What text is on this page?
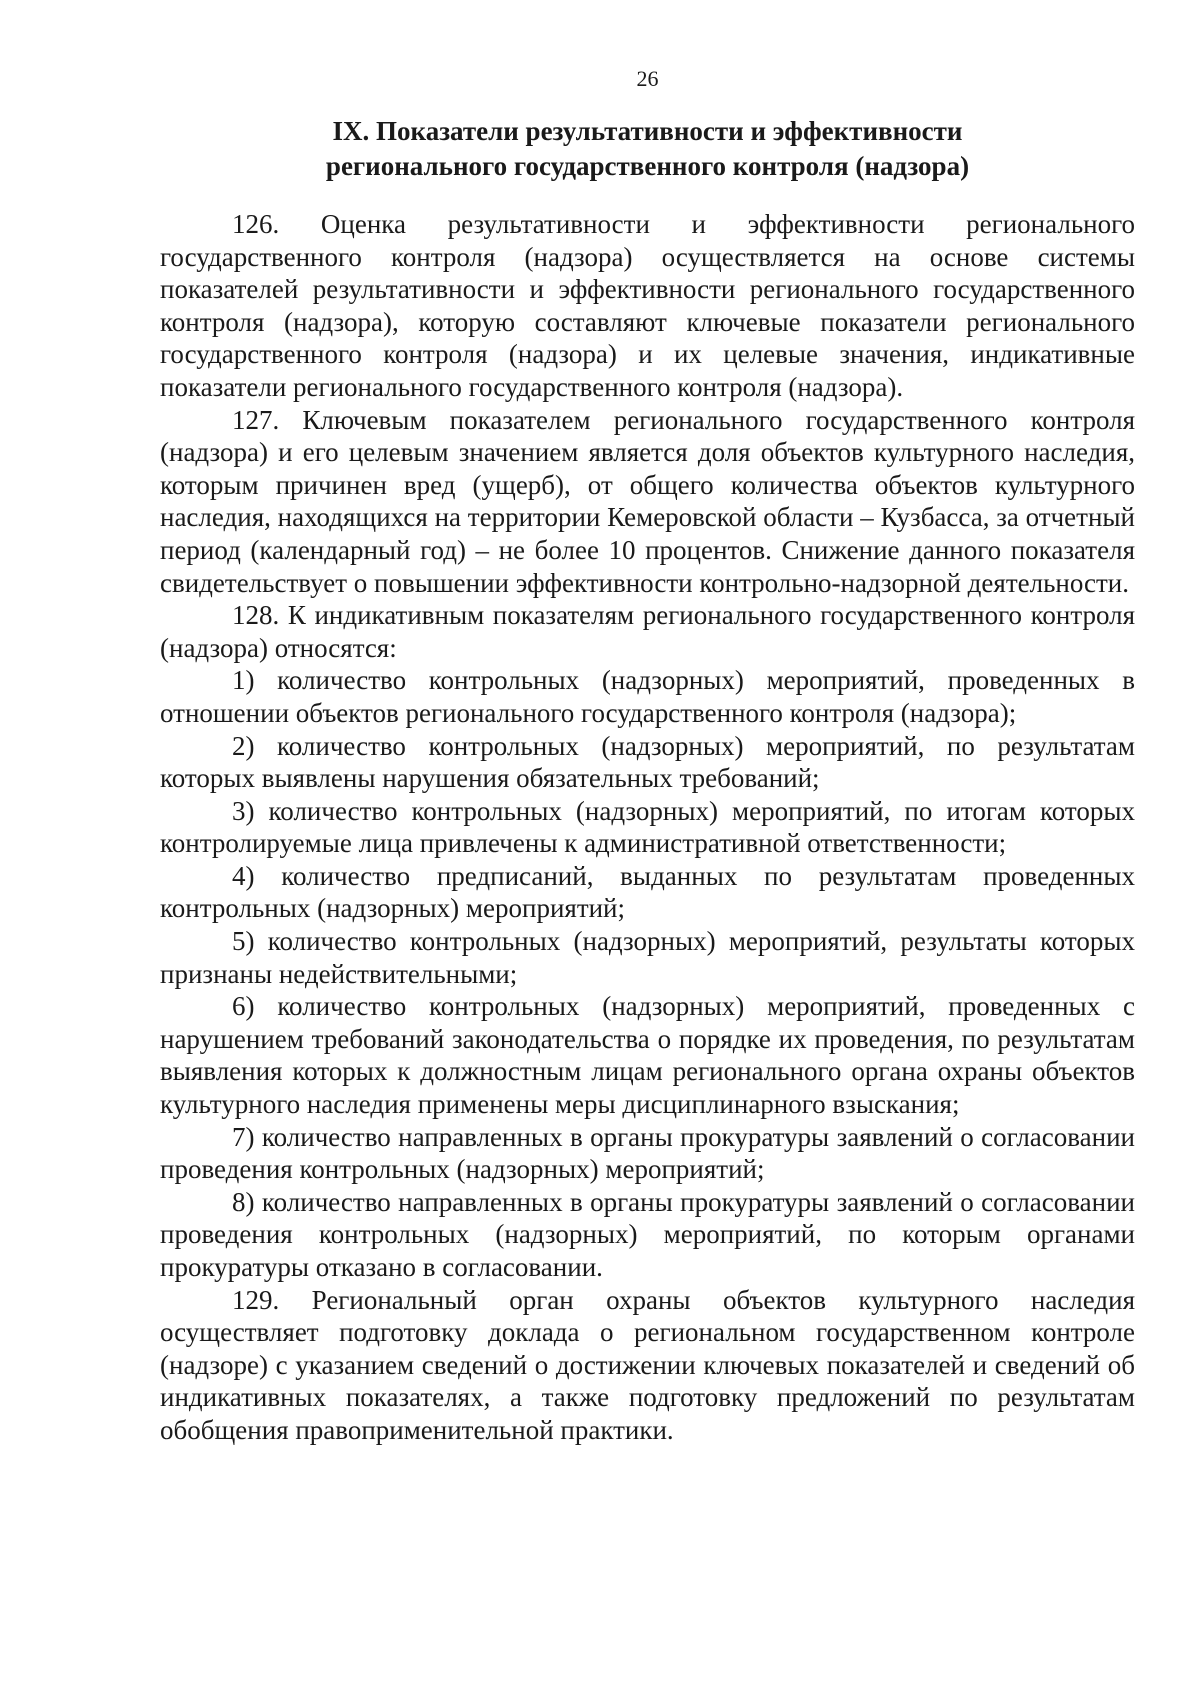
26
IX. Показатели результативности и эффективности
регионального государственного контроля (надзора)

126. Оценка результативности и эффективности регионального государственного контроля (надзора) осуществляется на основе системы показателей результативности и эффективности регионального государственного контроля (надзора), которую составляют ключевые показатели регионального государственного контроля (надзора) и их целевые значения, индикативные показатели регионального государственного контроля (надзора).

127. Ключевым показателем регионального государственного контроля (надзора) и его целевым значением является доля объектов культурного наследия, которым причинен вред (ущерб), от общего количества объектов культурного наследия, находящихся на территории Кемеровской области – Кузбасса, за отчетный период (календарный год) – не более 10 процентов. Снижение данного показателя свидетельствует о повышении эффективности контрольно-надзорной деятельности.

128. К индикативным показателям регионального государственного контроля (надзора) относятся:

1) количество контрольных (надзорных) мероприятий, проведенных в отношении объектов регионального государственного контроля (надзора);

2) количество контрольных (надзорных) мероприятий, по результатам которых выявлены нарушения обязательных требований;

3) количество контрольных (надзорных) мероприятий, по итогам которых контролируемые лица привлечены к административной ответственности;

4) количество предписаний, выданных по результатам проведенных контрольных (надзорных) мероприятий;

5) количество контрольных (надзорных) мероприятий, результаты которых признаны недействительными;

6) количество контрольных (надзорных) мероприятий, проведенных с нарушением требований законодательства о порядке их проведения, по результатам выявления которых к должностным лицам регионального органа охраны объектов культурного наследия применены меры дисциплинарного взыскания;

7) количество направленных в органы прокуратуры заявлений о согласовании проведения контрольных (надзорных) мероприятий;

8) количество направленных в органы прокуратуры заявлений о согласовании проведения контрольных (надзорных) мероприятий, по которым органами прокуратуры отказано в согласовании.

129. Региональный орган охраны объектов культурного наследия осуществляет подготовку доклада о региональном государственном контроле (надзоре) с указанием сведений о достижении ключевых показателей и сведений об индикативных показателях, а также подготовку предложений по результатам обобщения правоприменительной практики.
